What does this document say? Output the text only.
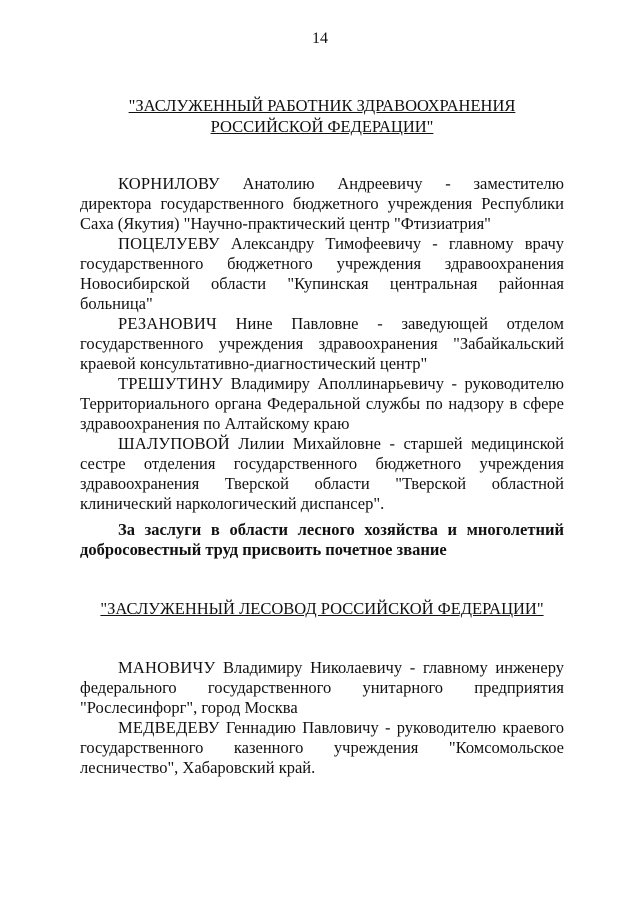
14
"ЗАСЛУЖЕННЫЙ РАБОТНИК ЗДРАВООХРАНЕНИЯ
РОССИЙСКОЙ ФЕДЕРАЦИИ"

КОРНИЛОВУ Анатолию Андреевичу - заместителю директора государственного бюджетного учреждения Республики Саха (Якутия) "Научно-практический центр "Фтизиатрия"

ПОЦЕЛУЕВУ Александру Тимофеевичу - главному врачу государственного бюджетного учреждения здравоохранения Новосибирской области "Купинская центральная районная больница"

РЕЗАНОВИЧ Нине Павловне - заведующей отделом государственного учреждения здравоохранения "Забайкальский краевой консультативно-диагностический центр"

ТРЕШУТИНУ Владимиру Аполлинарьевичу - руководителю Территориального органа Федеральной службы по надзору в сфере здравоохранения по Алтайскому краю

ШАЛУПОВОЙ Лилии Михайловне - старшей медицинской сестре отделения государственного бюджетного учреждения здравоохранения Тверской области "Тверской областной клинический наркологический диспансер".

За заслуги в области лесного хозяйства и многолетний добросовестный труд присвоить почетное звание

"ЗАСЛУЖЕННЫЙ ЛЕСОВОД РОССИЙСКОЙ ФЕДЕРАЦИИ"

МАНОВИЧУ Владимиру Николаевичу - главному инженеру федерального государственного унитарного предприятия "Рослесинфорг", город Москва

МЕДВЕДЕВУ Геннадию Павловичу - руководителю краевого государственного казенного учреждения "Комсомольское лесничество", Хабаровский край.
